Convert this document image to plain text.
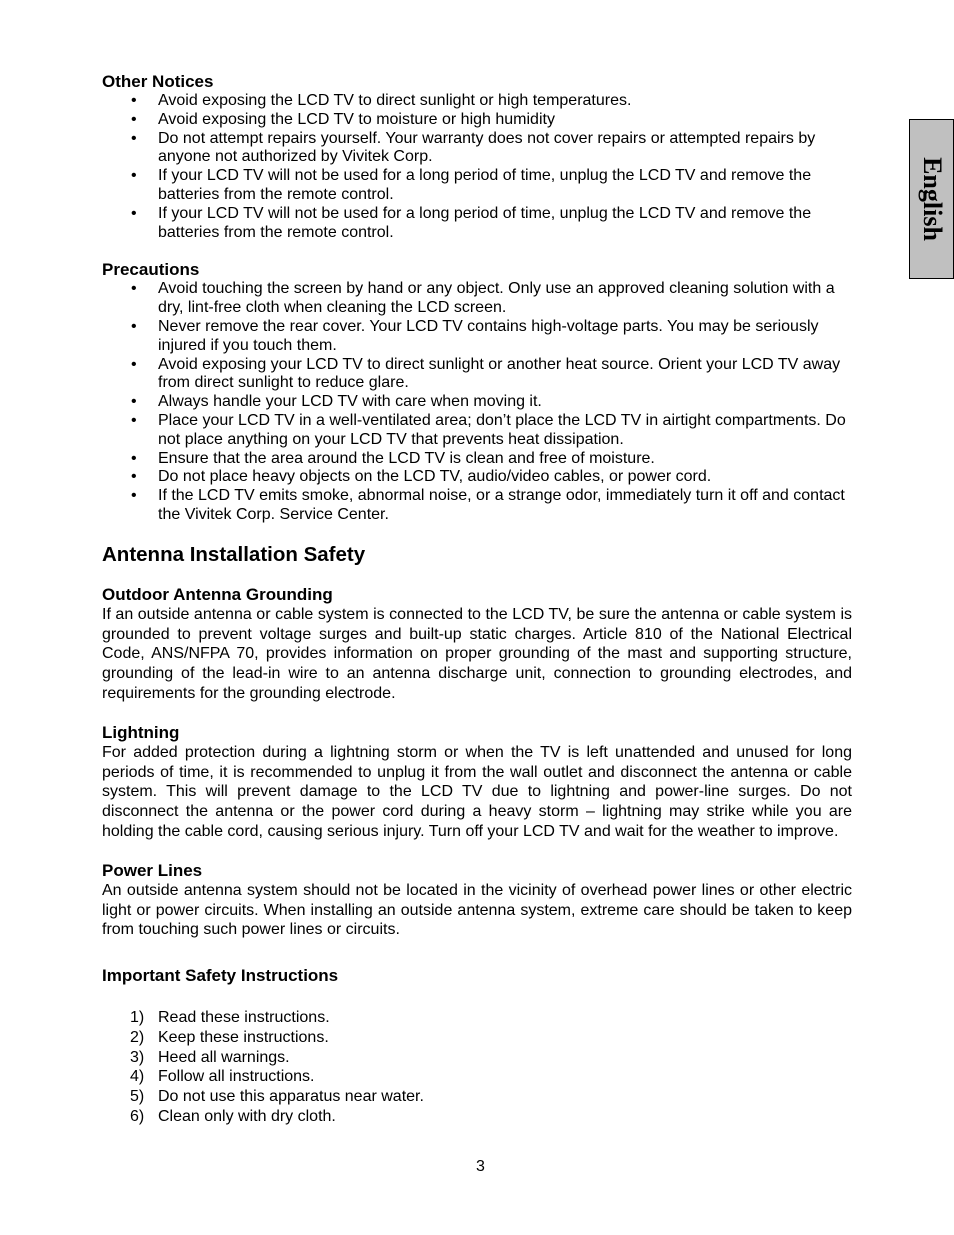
English
Other Notices
• Avoid exposing the LCD TV to direct sunlight or high temperatures.
• Avoid exposing the LCD TV to moisture or high humidity
• Do not attempt repairs yourself. Your warranty does not cover repairs or attempted repairs by anyone not authorized by Vivitek Corp.
• If your LCD TV will not be used for a long period of time, unplug the LCD TV and remove the batteries from the remote control.
• If your LCD TV will not be used for a long period of time, unplug the LCD TV and remove the batteries from the remote control.
Precautions
• Avoid touching the screen by hand or any object. Only use an approved cleaning solution with a dry, lint-free cloth when cleaning the LCD screen.
• Never remove the rear cover. Your LCD TV contains high-voltage parts. You may be seriously injured if you touch them.
• Avoid exposing your LCD TV to direct sunlight or another heat source. Orient your LCD TV away from direct sunlight to reduce glare.
• Always handle your LCD TV with care when moving it.
• Place your LCD TV in a well-ventilated area; don’t place the LCD TV in airtight compartments. Do not place anything on your LCD TV that prevents heat dissipation.
• Ensure that the area around the LCD TV is clean and free of moisture.
• Do not place heavy objects on the LCD TV, audio/video cables, or power cord.
• If the LCD TV emits smoke, abnormal noise, or a strange odor, immediately turn it off and contact the Vivitek Corp. Service Center.
Antenna Installation Safety
Outdoor Antenna Grounding

If an outside antenna or cable system is connected to the LCD TV, be sure the antenna or cable system is grounded to prevent voltage surges and built-up static charges. Article 810 of the National Electrical Code, ANS/NFPA 70, provides information on proper grounding of the mast and supporting structure, grounding of the lead-in wire to an antenna discharge unit, connection to grounding electrodes, and requirements for the grounding electrode.

Lightning

For added protection during a lightning storm or when the TV is left unattended and unused for long periods of time, it is recommended to unplug it from the wall outlet and disconnect the antenna or cable system. This will prevent damage to the LCD TV due to lightning and power-line surges. Do not disconnect the antenna or the power cord during a heavy storm – lightning may strike while you are holding the cable cord, causing serious injury. Turn off your LCD TV and wait for the weather to improve.

Power Lines

An outside antenna system should not be located in the vicinity of overhead power lines or other electric light or power circuits. When installing an outside antenna system, extreme care should be taken to keep from touching such power lines or circuits.

Important Safety Instructions
1) Read these instructions.
2) Keep these instructions.
3) Heed all warnings.
4) Follow all instructions.
5) Do not use this apparatus near water.
6) Clean only with dry cloth.
3
